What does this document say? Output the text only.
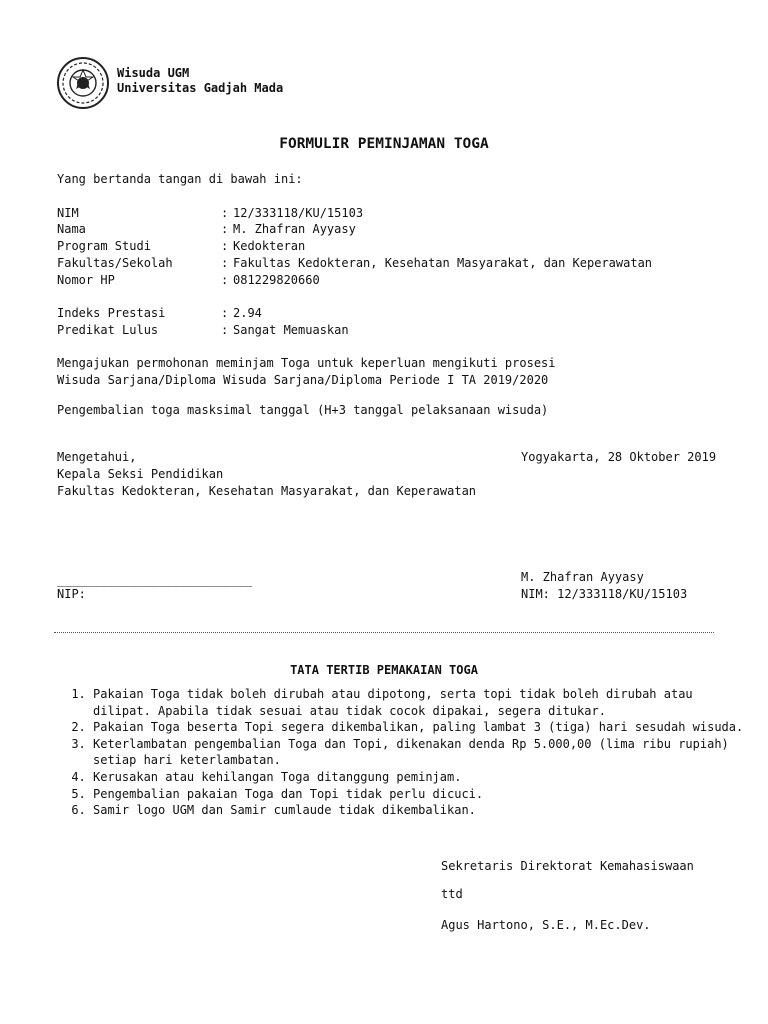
Wisuda UGM
Universitas Gadjah Mada
FORMULIR PEMINJAMAN TOGA
Yang bertanda tangan di bawah ini:
NIM	: 12/333118/KU/15103
Nama	: M. Zhafran Ayyasy
Program Studi	: Kedokteran
Fakultas/Sekolah	: Fakultas Kedokteran, Kesehatan Masyarakat, dan Keperawatan
Nomor HP	: 081229820660
Indeks Prestasi	: 2.94
Predikat Lulus	: Sangat Memuaskan
Mengajukan permohonan meminjam Toga untuk keperluan mengikuti prosesi
Wisuda Sarjana/Diploma Wisuda Sarjana/Diploma Periode I TA 2019/2020
Pengembalian toga masksimal tanggal (H+3 tanggal pelaksanaan wisuda)
Mengetahui,
Kepala Seksi Pendidikan
Fakultas Kedokteran, Kesehatan Masyarakat, dan Keperawatan
Yogyakarta, 28 Oktober 2019
___________________________
NIP:
M. Zhafran Ayyasy
NIM: 12/333118/KU/15103
TATA TERTIB PEMAKAIAN TOGA
1. Pakaian Toga tidak boleh dirubah atau dipotong, serta topi tidak boleh dirubah atau dilipat. Apabila tidak sesuai atau tidak cocok dipakai, segera ditukar.
2. Pakaian Toga beserta Topi segera dikembalikan, paling lambat 3 (tiga) hari sesudah wisuda.
3. Keterlambatan pengembalian Toga dan Topi, dikenakan denda Rp 5.000,00 (lima ribu rupiah) setiap hari keterlambatan.
4. Kerusakan atau kehilangan Toga ditanggung peminjam.
5. Pengembalian pakaian Toga dan Topi tidak perlu dicuci.
6. Samir logo UGM dan Samir cumlaude tidak dikembalikan.
Sekretaris Direktorat Kemahasiswaan
ttd
Agus Hartono, S.E., M.Ec.Dev.
